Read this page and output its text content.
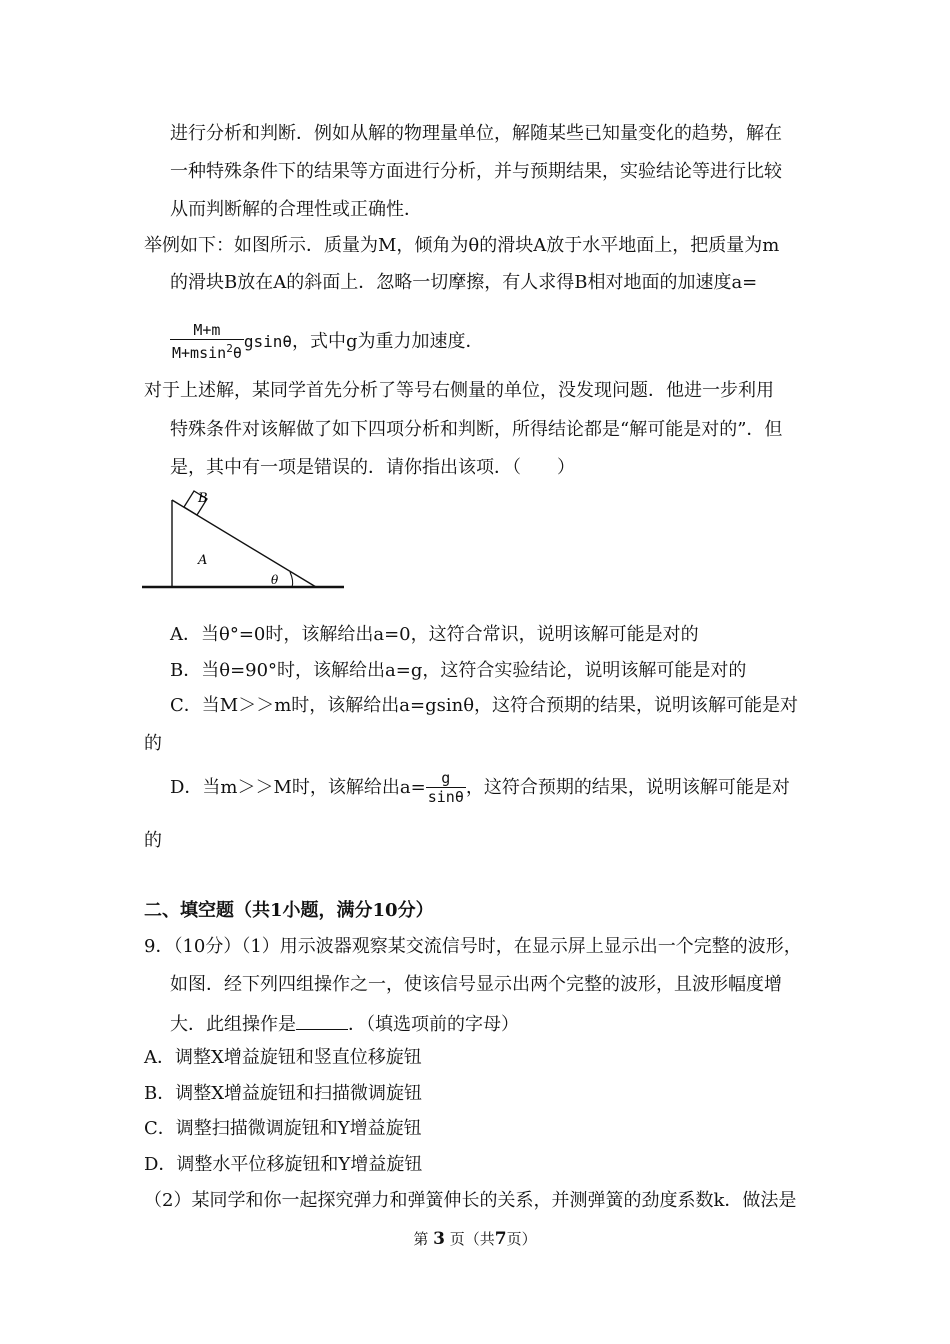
进行分析和判断．例如从解的物理量单位，解随某些已知量变化的趋势，解在
一种特殊条件下的结果等方面进行分析，并与预期结果，实验结论等进行比较
从而判断解的合理性或正确性．
举例如下：如图所示．质量为M，倾角为θ的滑块A放于水平地面上，把质量为m
的滑块B放在A的斜面上．忽略一切摩擦，有人求得B相对地面的加速度a=
$\frac{M+m}{M+msin^2\theta}$ gsinθ，式中g为重力加速度．
对于上述解，某同学首先分析了等号右侧量的单位，没发现问题．他进一步利用
特殊条件对该解做了如下四项分析和判断，所得结论都是“解可能是对的”．但
是，其中有一项是错误的．请你指出该项．（　　）
B
A
θ
A．当θ°=0时，该解给出a=0，这符合常识，说明该解可能是对的
B．当θ=90°时，该解给出a=g，这符合实验结论，说明该解可能是对的
C．当M＞＞m时，该解给出a=gsinθ，这符合预期的结果，说明该解可能是对
的
D．当m＞＞M时，该解给出$a= \frac{g}{\sin\theta}$ ，这符合预期的结果，说明该解可能是对
的
二、填空题（共1小题，满分10分）
9．（10分）（1）用示波器观察某交流信号时，在显示屏上显示出一个完整的波形，
如图．经下列四组操作之一，使该信号显示出两个完整的波形，且波形幅度增
大．此组操作是	．（填选项前的字母）
A．调整X增益旋钮和竖直位移旋钮
B．调整X增益旋钮和扫描微调旋钮
C．调整扫描微调旋钮和Y增益旋钮
D．调整水平位移旋钮和Y增益旋钮
（2）某同学和你一起探究弹力和弹簧伸长的关系，并测弹簧的劲度系数k．做法是
第 3 页（共7页）
